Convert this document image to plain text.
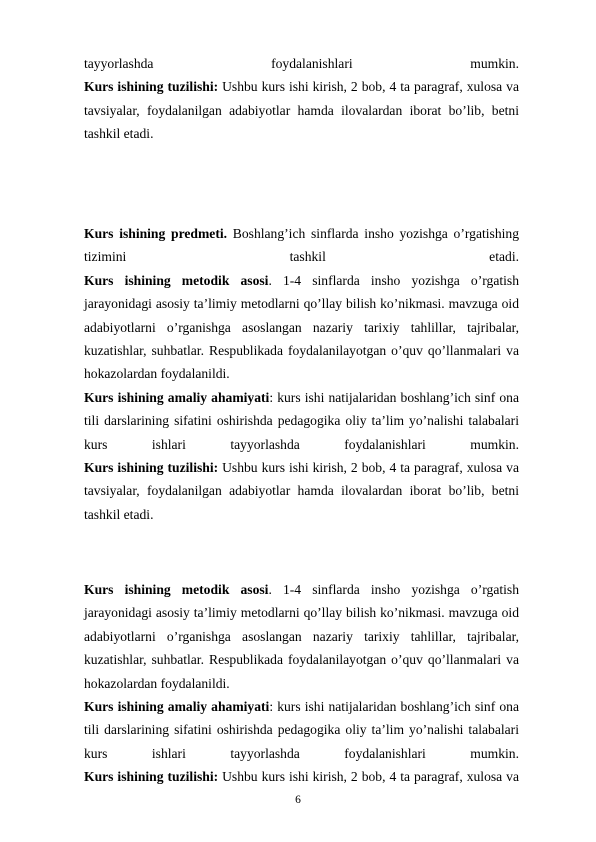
tayyorlashda foydalanishlari mumkin.

Kurs ishining tuzilishi: Ushbu kurs ishi kirish, 2 bob, 4 ta paragraf, xulosa va tavsiyalar, foydalanilgan adabiyotlar hamda ilovalardan iborat bo’lib, betni tashkil etadi.

Kurs ishining predmeti. Boshlang’ich sinflarda insho yozishga o’rgatishing tizimini tashkil etadi.

Kurs ishining metodik asosi. 1-4 sinflarda insho yozishga o’rgatish jarayonidagi asosiy ta’limiy metodlarni qo’llay bilish ko’nikmasi. mavzuga oid adabiyotlarni o’rganishga asoslangan nazariy tarixiy tahlillar, tajribalar, kuzatishlar, suhbatlar. Respublikada foydalanilayotgan o’quv qo’llanmalari va hokazolardan foydalanildi.

Kurs ishining amaliy ahamiyati: kurs ishi natijalaridan boshlang’ich sinf ona tili darslarining sifatini oshirishda pedagogika oliy ta’lim yo’nalishi talabalari kurs ishlari tayyorlashda foydalanishlari mumkin.

Kurs ishining tuzilishi: Ushbu kurs ishi kirish, 2 bob, 4 ta paragraf, xulosa va tavsiyalar, foydalanilgan adabiyotlar hamda ilovalardan iborat bo’lib, betni tashkil etadi.

Kurs ishining metodik asosi. 1-4 sinflarda insho yozishga o’rgatish jarayonidagi asosiy ta’limiy metodlarni qo’llay bilish ko’nikmasi. mavzuga oid adabiyotlarni o’rganishga asoslangan nazariy tarixiy tahlillar, tajribalar, kuzatishlar, suhbatlar. Respublikada foydalanilayotgan o’quv qo’llanmalari va hokazolardan foydalanildi.

Kurs ishining amaliy ahamiyati: kurs ishi natijalaridan boshlang’ich sinf ona tili darslarining sifatini oshirishda pedagogika oliy ta’lim yo’nalishi talabalari kurs ishlari tayyorlashda foydalanishlari mumkin.

Kurs ishining tuzilishi: Ushbu kurs ishi kirish, 2 bob, 4 ta paragraf, xulosa va

6
